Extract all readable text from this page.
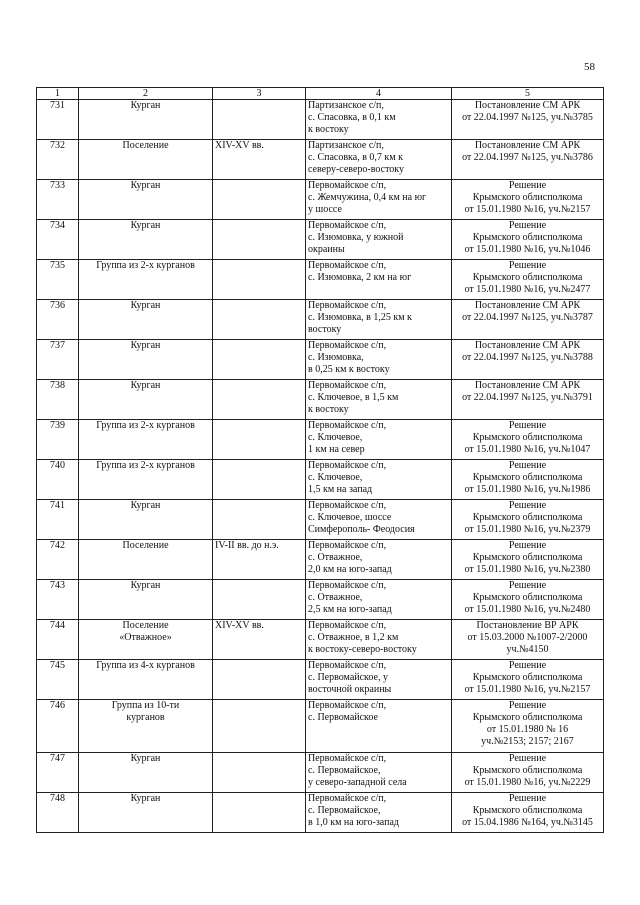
58
1	2	3	4	5
731	Курган		Партизанское с/п,
с. Спасовка, в 0,1 км
к востоку	Постановление СМ АРК
от 22.04.1997 №125, уч.№3785

732	Поселение	XIV-XV вв.	Партизанское с/п,
с. Спасовка, в 0,7 км к
северу-северо-востоку	Постановление СМ АРК
от 22.04.1997 №125, уч.№3786

733	Курган		Первомайское с/п,
с. Жемчужина, 0,4 км на юг
у шоссе	Решение
Крымского облисполкома
от 15.01.1980 №16, уч.№2157

734	Курган		Первомайское с/п,
с. Изюмовка, у южной
окраины	Решение
Крымского облисполкома
от 15.01.1980 №16, уч.№1046

735	Группа из 2-х курганов		Первомайское с/п,
с. Изюмовка, 2 км на юг	Решение
Крымского облисполкома
от 15.01.1980 №16, уч.№2477

736	Курган		Первомайское с/п,
с. Изюмовка, в 1,25 км к
востоку	Постановление СМ АРК
от 22.04.1997 №125, уч.№3787

737	Курган		Первомайское с/п,
с. Изюмовка,
в 0,25 км к востоку	Постановление СМ АРК
от 22.04.1997 №125, уч.№3788

738	Курган		Первомайское с/п,
с. Ключевое, в 1,5 км
к востоку	Постановление СМ АРК
от 22.04.1997 №125, уч.№3791

739	Группа из 2-х курганов		Первомайское с/п,
с. Ключевое,
1 км на север	Решение
Крымского облисполкома
от 15.01.1980 №16, уч.№1047

740	Группа из 2-х курганов		Первомайское с/п,
с. Ключевое,
1,5 км на запад	Решение
Крымского облисполкома
от 15.01.1980 №16, уч.№1986

741	Курган		Первомайское с/п,
с. Ключевое, шоссе
Симферополь- Феодосия	Решение
Крымского облисполкома
от 15.01.1980 №16, уч.№2379

742	Поселение	IV-II вв. до н.э.	Первомайское с/п,
с. Отважное,
2,0 км на юго-запад	Решение
Крымского облисполкома
от 15.01.1980 №16, уч.№2380

743	Курган		Первомайское с/п,
с. Отважное,
2,5 км на юго-запад	Решение
Крымского облисполкома
от 15.01.1980 №16, уч.№2480

744	Поселение
«Отважное»	XIV-XV вв.	Первомайское с/п,
с. Отважное, в 1,2 км
к востоку-северо-востоку	Постановление ВР АРК
от 15.03.2000 №1007-2/2000
уч.№4150

745	Группа из 4-х курганов		Первомайское с/п,
с. Первомайское, у
восточной окраины	Решение
Крымского облисполкома
от 15.01.1980 №16, уч.№2157

746	Группа из 10-ти
курганов		Первомайское с/п,
с. Первомайское	Решение
Крымского облисполкома
от 15.01.1980 № 16
уч.№2153; 2157; 2167

747	Курган		Первомайское с/п,
с. Первомайское,
у северо-западной села	Решение
Крымского облисполкома
от 15.01.1980 №16, уч.№2229

748	Курган		Первомайское с/п,
с. Первомайское,
в 1,0 км на юго-запад	Решение
Крымского облисполкома
от 15.04.1986 №164, уч.№3145
